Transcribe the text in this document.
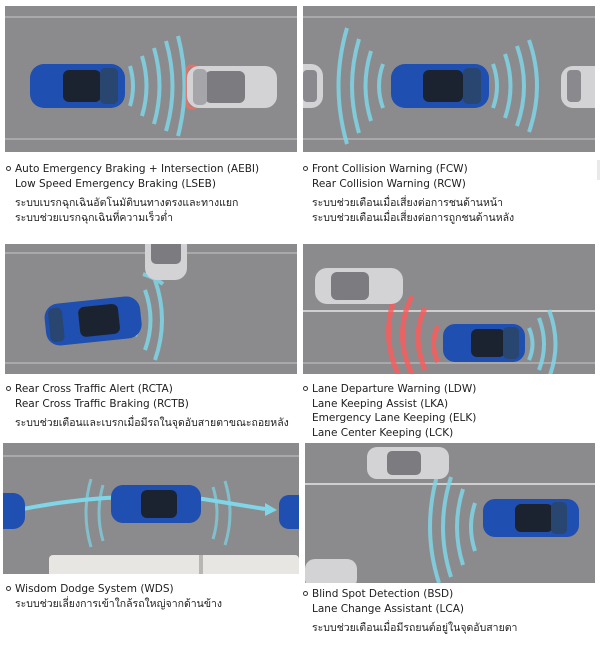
Auto Emergency Braking + Intersection (AEBI)
Low Speed Emergency Braking (LSEB)
ระบบเบรกฉุกเฉินอัตโนมัติบนทางตรงและทางแยก
ระบบช่วยเบรกฉุกเฉินที่ความเร็วต่ำ
Front Collision Warning (FCW)
Rear Collision Warning (RCW)
ระบบช่วยเตือนเมื่อเสี่ยงต่อการชนด้านหน้า
ระบบช่วยเตือนเมื่อเสี่ยงต่อการถูกชนด้านหลัง
Rear Cross Traffic Alert (RCTA)
Rear Cross Traffic Braking (RCTB)
ระบบช่วยเตือนและเบรกเมื่อมีรถในจุดอับสายตาขณะถอยหลัง
Lane Departure Warning (LDW)
Lane Keeping Assist (LKA)
Emergency Lane Keeping (ELK)
Lane Center Keeping (LCK)
Wisdom Dodge System (WDS)
ระบบช่วยเลี่ยงการเข้าใกล้รถใหญ่จากด้านข้าง
Blind Spot Detection (BSD)
Lane Change Assistant (LCA)
ระบบช่วยเตือนเมื่อมีรถยนต์อยู่ในจุดอับสายตา
